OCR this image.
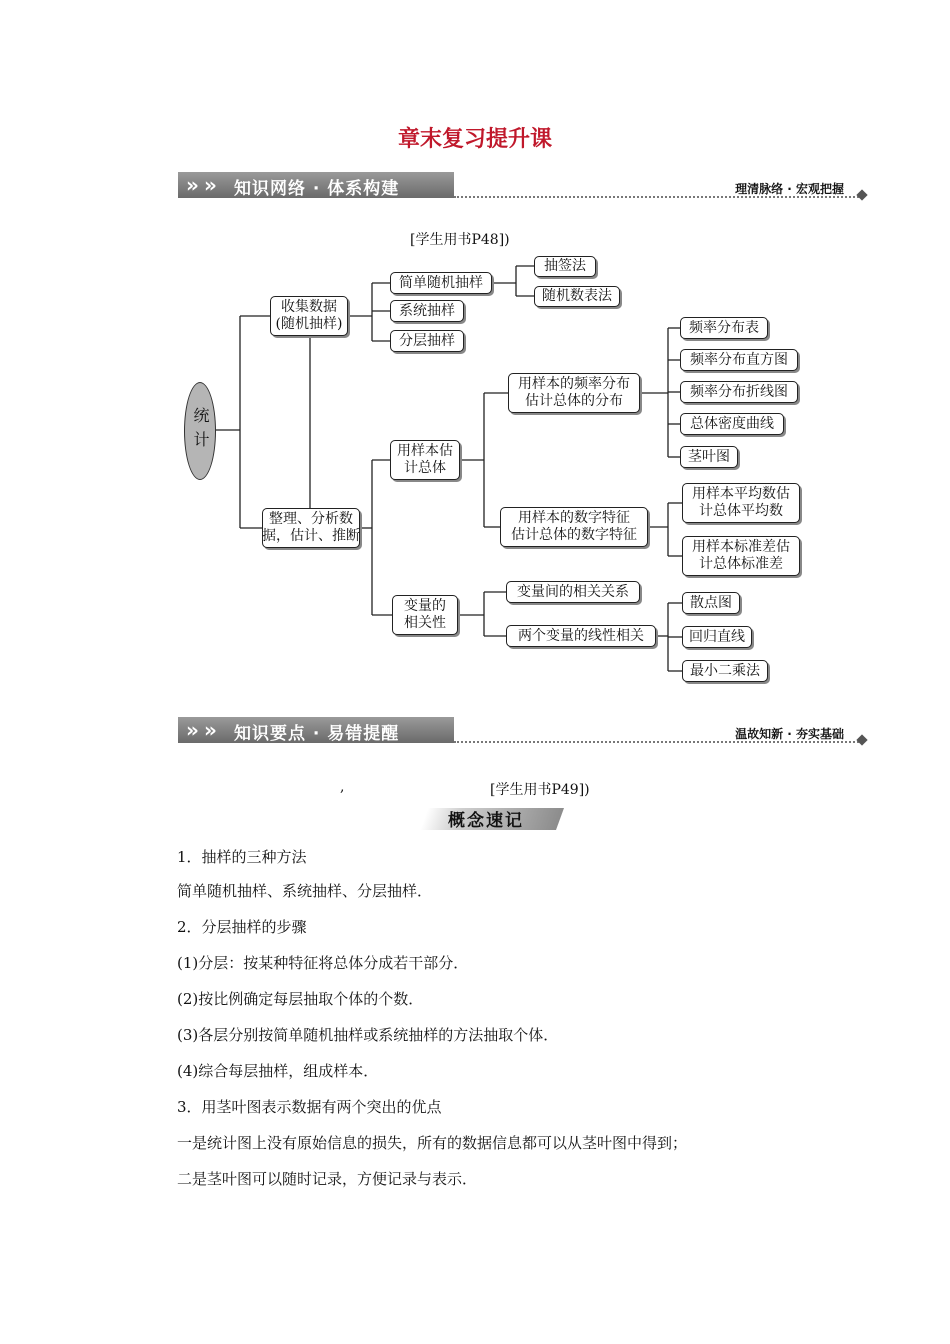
章末复习提升课
» » 知识网络 · 体系构建	理清脉络 · 宏观把握
[学生用书P48])
统计
收集数据
(随机抽样)
简单随机抽样
抽签法
随机数表法
系统抽样
分层抽样
整理、分析数
据，估计、推断
用样本估
计总体
用样本的频率分布
估计总体的分布
频率分布表
频率分布直方图
频率分布折线图
总体密度曲线
茎叶图
用样本的数字特征
估计总体的数字特征
用样本平均数估
计总体平均数
用样本标准差估
计总体标准差
变量的
相关性
变量间的相关关系
两个变量的线性相关
散点图
回归直线
最小二乘法
» » 知识要点 · 易错提醒	温故知新 · 夯实基础
,	[学生用书P49])
概念速记
1．抽样的三种方法
简单随机抽样、系统抽样、分层抽样．
2．分层抽样的步骤
(1)分层：按某种特征将总体分成若干部分．
(2)按比例确定每层抽取个体的个数．
(3)各层分别按简单随机抽样或系统抽样的方法抽取个体．
(4)综合每层抽样，组成样本．
3．用茎叶图表示数据有两个突出的优点
一是统计图上没有原始信息的损失，所有的数据信息都可以从茎叶图中得到；
二是茎叶图可以随时记录，方便记录与表示．
